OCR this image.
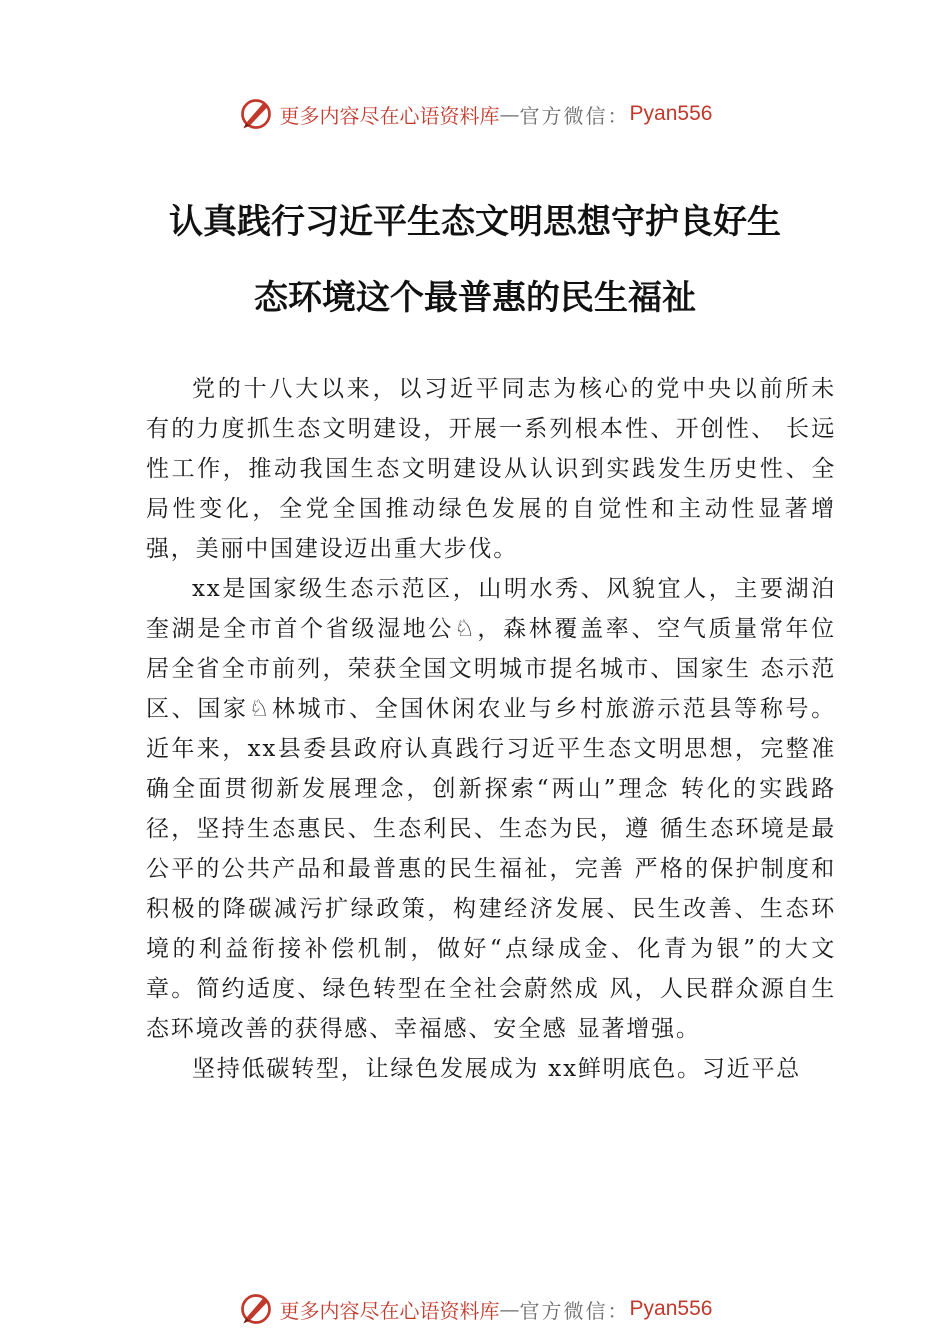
更多内容尽在心语资料库 — 官方微信： Pyan556
认真践行习近平生态文明思想守护良好生
态环境这个最普惠的民生福祉

党的十八大以来，以习近平同志为核心的党中央以前所未有的力度抓生态文明建设，开展一系列根本性、开创性、 长远性工作，推动我国生态文明建设从认识到实践发生历史性、全局性变化，全党全国推动绿色发展的自觉性和主动性显著增强，美丽中国建设迈出重大步伐。

xx是国家级生态示范区，山明水秀、风貌宜人，主要湖泊奎湖是全市首个省级湿地公♘，森林覆盖率、空气质量常年位居全省全市前列，荣获全国文明城市提名城市、国家生 态示范区、国家♘林城市、全国休闲农业与乡村旅游示范县等称号。近年来，xx县委县政府认真践行习近平生态文明思想，完整准确全面贯彻新发展理念，创新探索“两山”理念 转化的实践路径，坚持生态惠民、生态利民、生态为民，遵 循生态环境是最公平的公共产品和最普惠的民生福祉，完善 严格的保护制度和积极的降碳减污扩绿政策，构建经济发展、民生改善、生态环境的利益衔接补偿机制，做好“点绿成金、化青为银”的大文章。简约适度、绿色转型在全社会蔚然成 风，人民群众源自生态环境改善的获得感、幸福感、安全感 显著增强。

坚持低碳转型，让绿色发展成为 xx鲜明底色。习近平总

更多内容尽在心语资料库 — 官方微信： Pyan556
